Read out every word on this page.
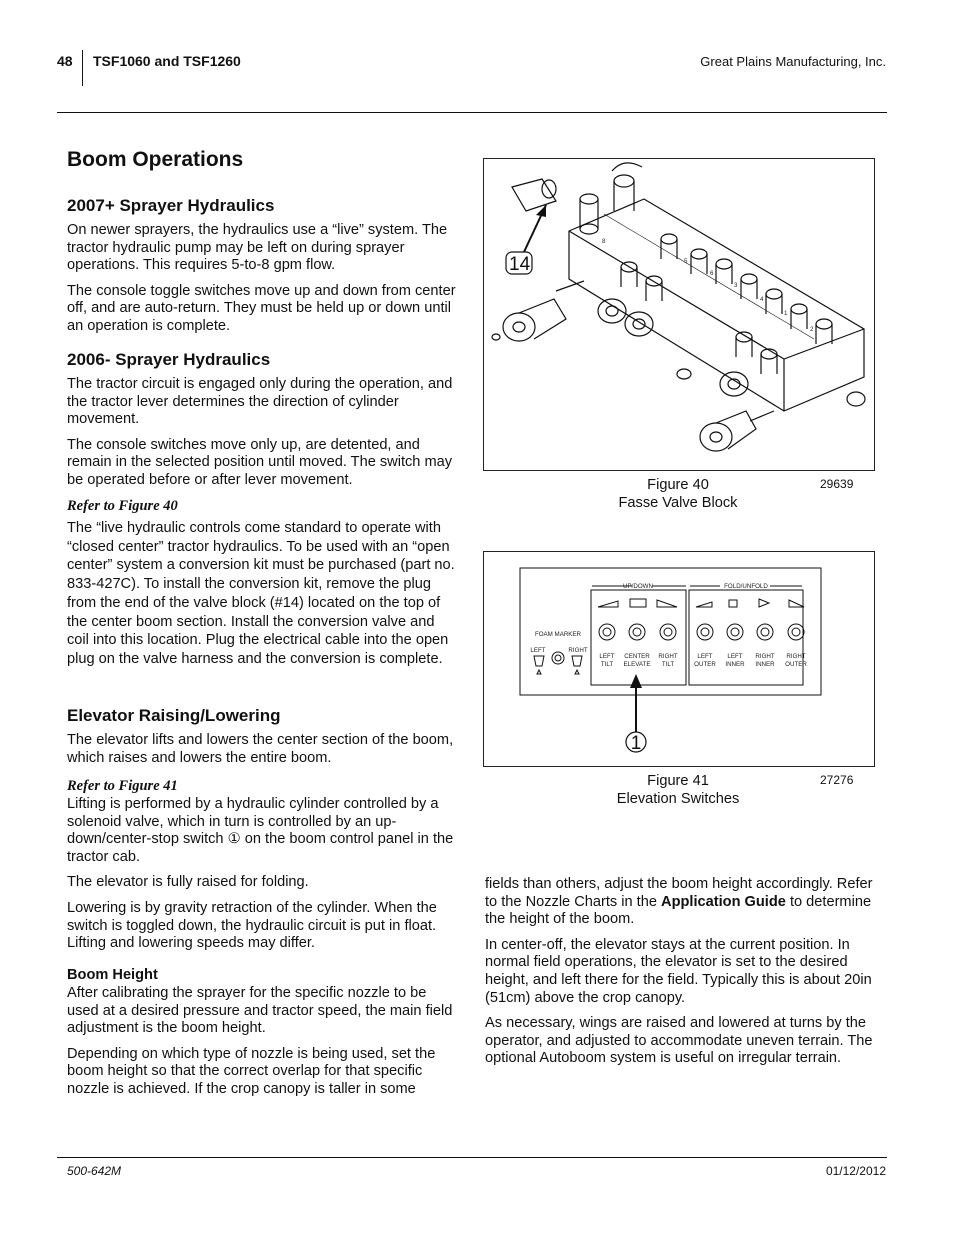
48 TSF1060 and TSF1260	Great Plains Manufacturing, Inc.
Boom Operations
2007+ Sprayer Hydraulics

On newer sprayers, the hydraulics use a “live” system. The tractor hydraulic pump may be left on during sprayer operations. This requires 5-to-8 gpm flow.

The console toggle switches move up and down from center off, and are auto-return. They must be held up or down until an operation is complete.

2006- Sprayer Hydraulics

The tractor circuit is engaged only during the operation, and the tractor lever determines the direction of cylinder movement.

The console switches move only up, are detented, and remain in the selected position until moved. The switch may be operated before or after lever movement.

Refer to Figure 40

The “live hydraulic controls come standard to operate with “closed center” tractor hydraulics. To be used with an “open center” system a conversion kit must be purchased (part no. 833-427C). To install the conversion kit, remove the plug from the end of the valve block (#14) located on the top of the center boom section. Install the conversion valve and coil into this location. Plug the electrical cable into the open plug on the valve harness and the conversion is complete.

Elevator Raising/Lowering

The elevator lifts and lowers the center section of the boom, which raises and lowers the entire boom.

Refer to Figure 41

Lifting is performed by a hydraulic cylinder controlled by a solenoid valve, which in turn is controlled by an up-down/center-stop switch ① on the boom control panel in the tractor cab.

The elevator is fully raised for folding.

Lowering is by gravity retraction of the cylinder. When the switch is toggled down, the hydraulic circuit is put in float. Lifting and lowering speeds may differ.

Boom Height

After calibrating the sprayer for the specific nozzle to be used at a desired pressure and tractor speed, the main field adjustment is the boom height.

Depending on which type of nozzle is being used, set the boom height so that the correct overlap for that specific nozzle is achieved. If the crop canopy is taller in some

8
5
6
3
4
1
2
14
Figure 40
Fasse Valve Block
29639
UP/DOWN	FOLD/UNFOLD
FOAM MARKER
LEFT	RIGHT
LEFT
TILT
CENTER
ELEVATE
RIGHT
TILT
LEFT
OUTER
LEFT
INNER
RIGHT
INNER
RIGHT
OUTER
1
Figure 41
Elevation Switches
27276

fields than others, adjust the boom height accordingly. Refer to the Nozzle Charts in the Application Guide to determine the height of the boom.

In center-off, the elevator stays at the current position. In normal field operations, the elevator is set to the desired height, and left there for the field. Typically this is about 20in (51cm) above the crop canopy.

As necessary, wings are raised and lowered at turns by the operator, and adjusted to accommodate uneven terrain. The optional Autoboom system is useful on irregular terrain.

500-642M	01/12/2012
